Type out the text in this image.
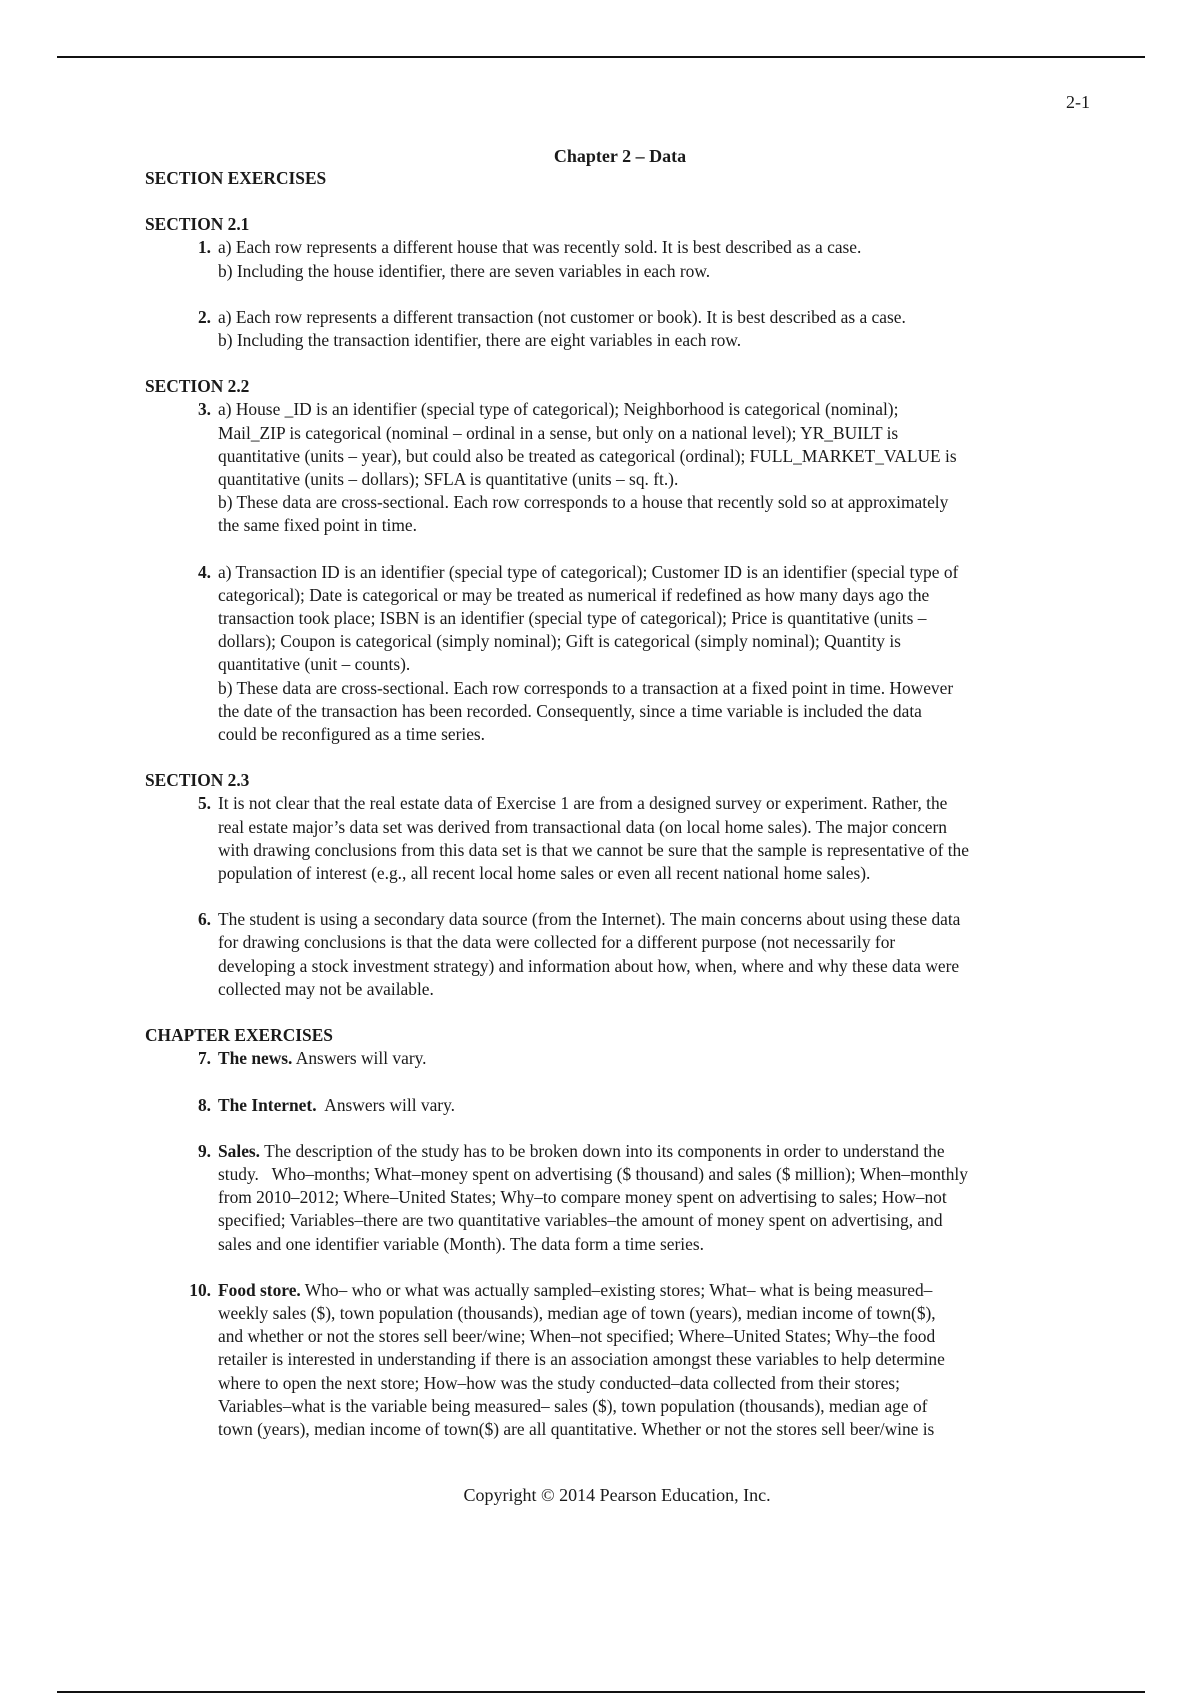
2-1
Chapter 2 – Data

SECTION EXERCISES

SECTION 2.1

1. a) Each row represents a different house that was recently sold. It is best described as a case.
b) Including the house identifier, there are seven variables in each row.
2. a) Each row represents a different transaction (not customer or book). It is best described as a case.
b) Including the transaction identifier, there are eight variables in each row.

SECTION 2.2

3. a) House _ID is an identifier (special type of categorical); Neighborhood is categorical (nominal);
Mail_ZIP is categorical (nominal – ordinal in a sense, but only on a national level); YR_BUILT is
quantitative (units – year), but could also be treated as categorical (ordinal); FULL_MARKET_VALUE is
quantitative (units – dollars); SFLA is quantitative (units – sq. ft.).
b) These data are cross-sectional. Each row corresponds to a house that recently sold so at approximately
the same fixed point in time.
4. a) Transaction ID is an identifier (special type of categorical); Customer ID is an identifier (special type of
categorical); Date is categorical or may be treated as numerical if redefined as how many days ago the
transaction took place; ISBN is an identifier (special type of categorical); Price is quantitative (units –
dollars); Coupon is categorical (simply nominal); Gift is categorical (simply nominal); Quantity is
quantitative (unit – counts).
b) These data are cross-sectional. Each row corresponds to a transaction at a fixed point in time. However
the date of the transaction has been recorded. Consequently, since a time variable is included the data
could be reconfigured as a time series.

SECTION 2.3

5. It is not clear that the real estate data of Exercise 1 are from a designed survey or experiment. Rather, the
real estate major’s data set was derived from transactional data (on local home sales). The major concern
with drawing conclusions from this data set is that we cannot be sure that the sample is representative of the
population of interest (e.g., all recent local home sales or even all recent national home sales).
6. The student is using a secondary data source (from the Internet). The main concerns about using these data
for drawing conclusions is that the data were collected for a different purpose (not necessarily for
developing a stock investment strategy) and information about how, when, where and why these data were
collected may not be available.

CHAPTER EXERCISES

7. The news. Answers will vary.
8. The Internet.  Answers will vary.
9. Sales. The description of the study has to be broken down into its components in order to understand the
study.   Who–months; What–money spent on advertising ($ thousand) and sales ($ million); When–monthly
from 2010–2012; Where–United States; Why–to compare money spent on advertising to sales; How–not
specified; Variables–there are two quantitative variables–the amount of money spent on advertising, and
sales and one identifier variable (Month). The data form a time series.
10. Food store. Who– who or what was actually sampled–existing stores; What– what is being measured–
weekly sales ($), town population (thousands), median age of town (years), median income of town($),
and whether or not the stores sell beer/wine; When–not specified; Where–United States; Why–the food
retailer is interested in understanding if there is an association amongst these variables to help determine
where to open the next store; How–how was the study conducted–data collected from their stores;
Variables–what is the variable being measured– sales ($), town population (thousands), median age of
town (years), median income of town($) are all quantitative. Whether or not the stores sell beer/wine is
Copyright © 2014 Pearson Education, Inc.
